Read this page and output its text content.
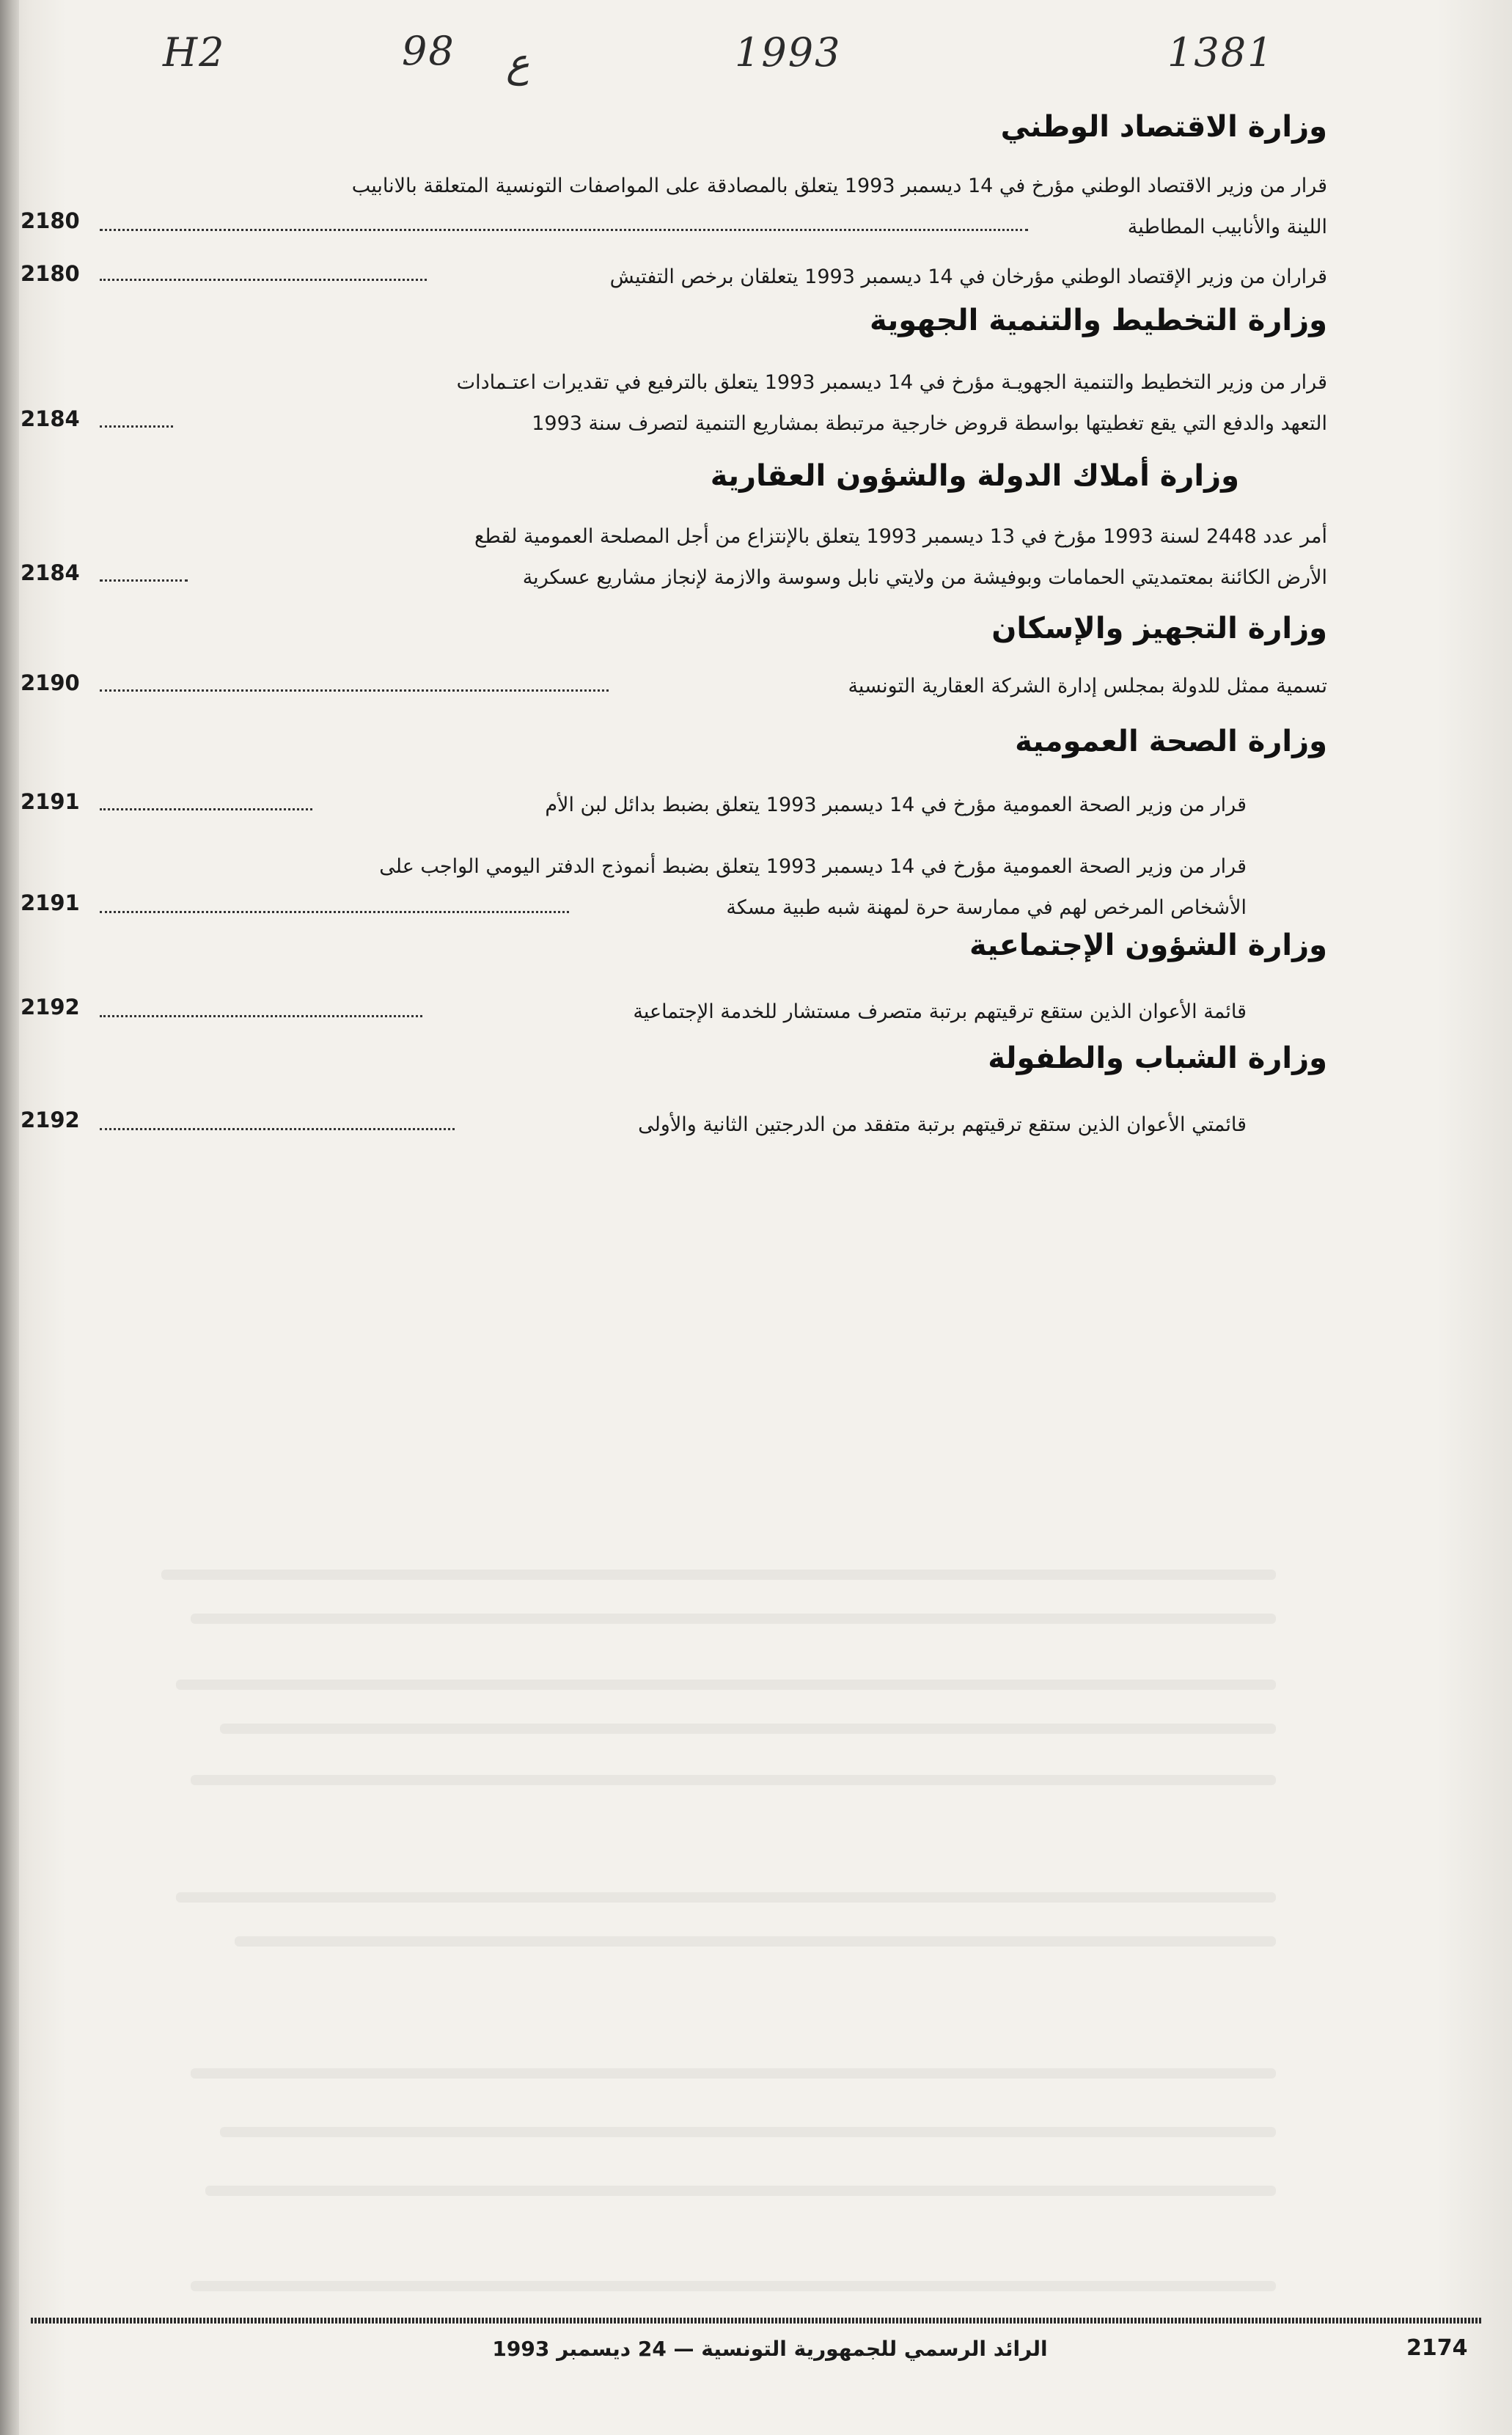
H2	98 ع	1993	1381
وزارة الاقتصاد الوطني
قرار من وزير الاقتصاد الوطني مؤرخ في 14 ديسمبر 1993 يتعلق بالمصادقة على المواصفات التونسية المتعلقة بالانابيب
اللينة والأنابيب المطاطية
2180
قراران من وزير الإقتصاد الوطني مؤرخان في 14 ديسمبر 1993 يتعلقان برخص التفتيش
2180
وزارة التخطيط والتنمية الجهوية
قرار من وزير التخطيط والتنمية الجهويـة مؤرخ في 14 ديسمبر 1993 يتعلق بالترفيع في تقديرات اعتـمادات
التعهد والدفع التي يقع تغطيتها بواسطة قروض خارجية مرتبطة بمشاريع التنمية لتصرف سنة 1993
2184
وزارة أملاك الدولة والشؤون العقارية
أمر عدد 2448 لسنة 1993 مؤرخ في 13 ديسمبر 1993 يتعلق بالإنتزاع من أجل المصلحة العمومية لقطع
الأرض الكائنة بمعتمديتي الحمامات وبوفيشة من ولايتي نابل وسوسة والازمة لإنجاز مشاريع عسكرية
2184
وزارة التجهيز والإسكان
تسمية ممثل للدولة بمجلس إدارة الشركة العقارية التونسية
2190
وزارة الصحة العمومية
قرار من وزير الصحة العمومية مؤرخ في 14 ديسمبر 1993 يتعلق بضبط بدائل لبن الأم
2191
قرار من وزير الصحة العمومية مؤرخ في 14 ديسمبر 1993 يتعلق بضبط أنموذج الدفتر اليومي الواجب على
الأشخاص المرخص لهم في ممارسة حرة لمهنة شبه طبية مسكة
2191
وزارة الشؤون الإجتماعية
قائمة الأعوان الذين ستقع ترقيتهم برتبة متصرف مستشار للخدمة الإجتماعية
2192
وزارة الشباب والطفولة
قائمتي الأعوان الذين ستقع ترقيتهم برتبة متفقد من الدرجتين الثانية والأولى
2192
الرائد الرسمي للجمهورية التونسية — 24 ديسمبر 1993	2174
